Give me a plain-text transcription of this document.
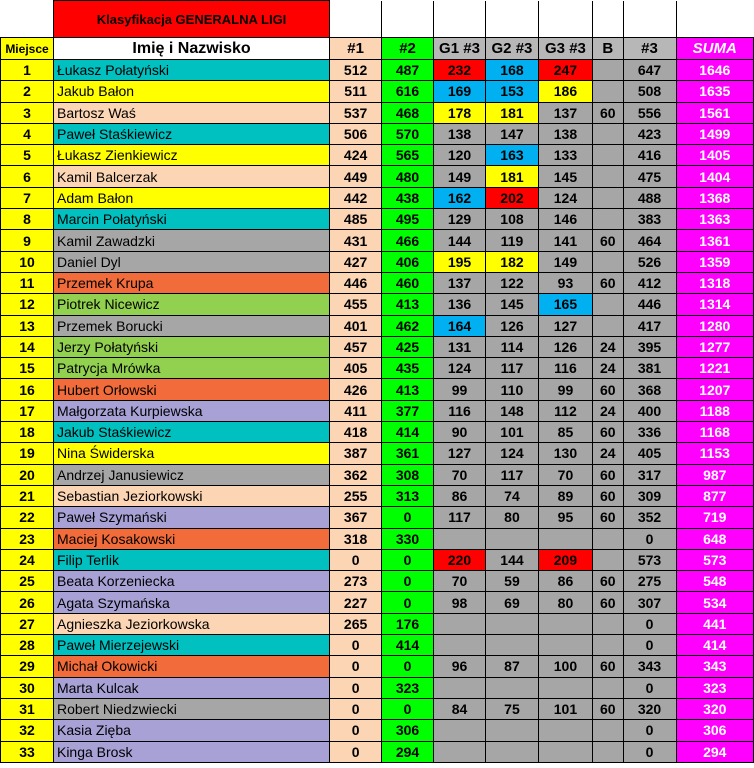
	Klasyfikacja GENERALNA LIGI								
Miejsce	Imię i Nazwisko	#1	#2	G1 #3	G2 #3	G3 #3	B	#3	SUMA
1	Łukasz Połatyński	512	487	232	168	247		647	1646
2	Jakub Bałon	511	616	169	153	186		508	1635
3	Bartosz Waś	537	468	178	181	137	60	556	1561
4	Paweł Staśkiewicz	506	570	138	147	138		423	1499
5	Łukasz Zienkiewicz	424	565	120	163	133		416	1405
6	Kamil Balcerzak	449	480	149	181	145		475	1404
7	Adam Bałon	442	438	162	202	124		488	1368
8	Marcin Połatyński	485	495	129	108	146		383	1363
9	Kamil Zawadzki	431	466	144	119	141	60	464	1361
10	Daniel Dyl	427	406	195	182	149		526	1359
11	Przemek Krupa	446	460	137	122	93	60	412	1318
12	Piotrek Nicewicz	455	413	136	145	165		446	1314
13	Przemek Borucki	401	462	164	126	127		417	1280
14	Jerzy Połatyński	457	425	131	114	126	24	395	1277
15	Patrycja Mrówka	405	435	124	117	116	24	381	1221
16	Hubert Orłowski	426	413	99	110	99	60	368	1207
17	Małgorzata Kurpiewska	411	377	116	148	112	24	400	1188
18	Jakub Staśkiewicz	418	414	90	101	85	60	336	1168
19	Nina Świderska	387	361	127	124	130	24	405	1153
20	Andrzej Janusiewicz	362	308	70	117	70	60	317	987
21	Sebastian Jeziorkowski	255	313	86	74	89	60	309	877
22	Paweł Szymański	367	0	117	80	95	60	352	719
23	Maciej Kosakowski	318	330					0	648
24	Filip Terlik	0	0	220	144	209		573	573
25	Beata Korzeniecka	273	0	70	59	86	60	275	548
26	Agata Szymańska	227	0	98	69	80	60	307	534
27	Agnieszka Jeziorkowska	265	176					0	441
28	Paweł Mierzejewski	0	414					0	414
29	Michał Okowicki	0	0	96	87	100	60	343	343
30	Marta Kulcak	0	323					0	323
31	Robert Niedzwiecki	0	0	84	75	101	60	320	320
32	Kasia Zięba	0	306					0	306
33	Kinga Brosk	0	294					0	294
